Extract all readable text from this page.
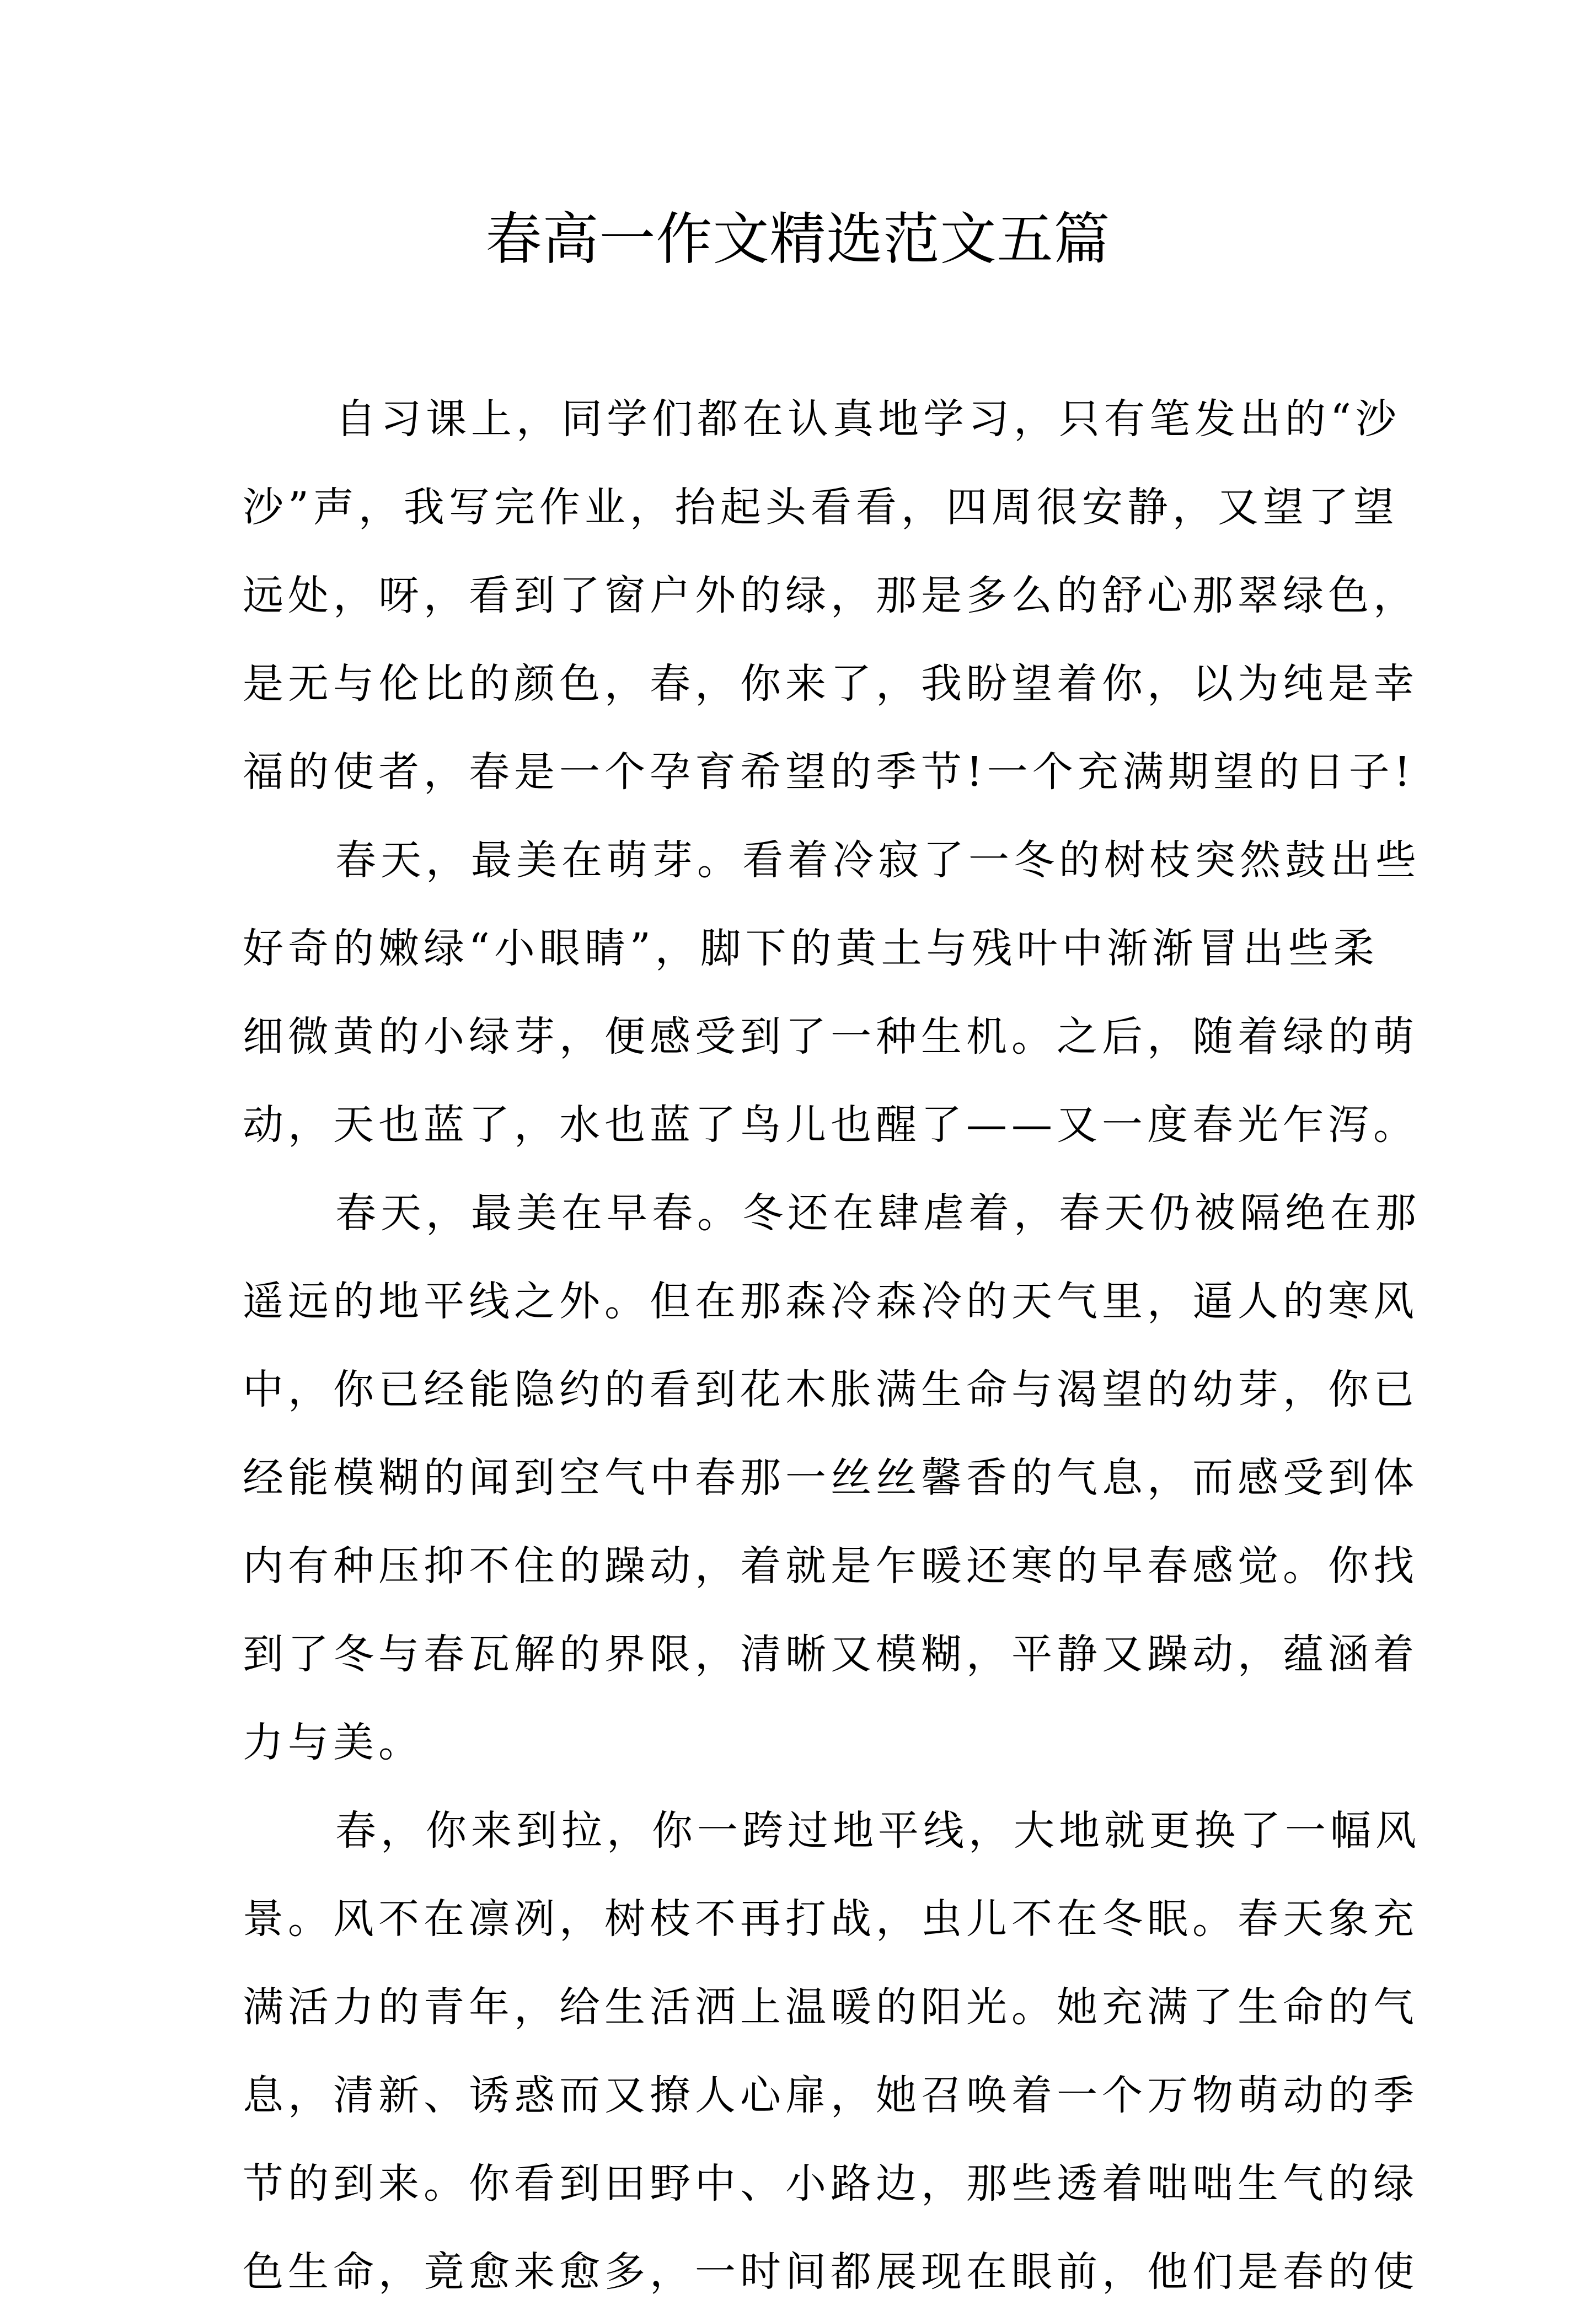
春高一作文精选范文五篇
自习课上，同学们都在认真地学习，只有笔发出的“沙
沙”声，我写完作业，抬起头看看，四周很安静，又望了望
远处，呀，看到了窗户外的绿，那是多么的舒心那翠绿色，
是无与伦比的颜色，春，你来了，我盼望着你，以为纯是幸
福的使者，春是一个孕育希望的季节!一个充满期望的日子!
春天，最美在萌芽。看着冷寂了一冬的树枝突然鼓出些
好奇的嫩绿“小眼睛”，脚下的黄土与残叶中渐渐冒出些柔
细微黄的小绿芽，便感受到了一种生机。之后，随着绿的萌
动，天也蓝了，水也蓝了鸟儿也醒了——又一度春光乍泻。
春天，最美在早春。冬还在肆虐着，春天仍被隔绝在那
遥远的地平线之外。但在那森冷森冷的天气里，逼人的寒风
中，你已经能隐约的看到花木胀满生命与渴望的幼芽，你已
经能模糊的闻到空气中春那一丝丝馨香的气息，而感受到体
内有种压抑不住的躁动，着就是乍暖还寒的早春感觉。你找
到了冬与春瓦解的界限，清晰又模糊，平静又躁动，蕴涵着
力与美。
春，你来到拉，你一跨过地平线，大地就更换了一幅风
景。风不在凛冽，树枝不再打战，虫儿不在冬眠。春天象充
满活力的青年，给生活洒上温暖的阳光。她充满了生命的气
息，清新、诱惑而又撩人心扉，她召唤着一个万物萌动的季
节的到来。你看到田野中、小路边，那些透着咄咄生气的绿
色生命，竟愈来愈多，一时间都展现在眼前，他们是春的使
